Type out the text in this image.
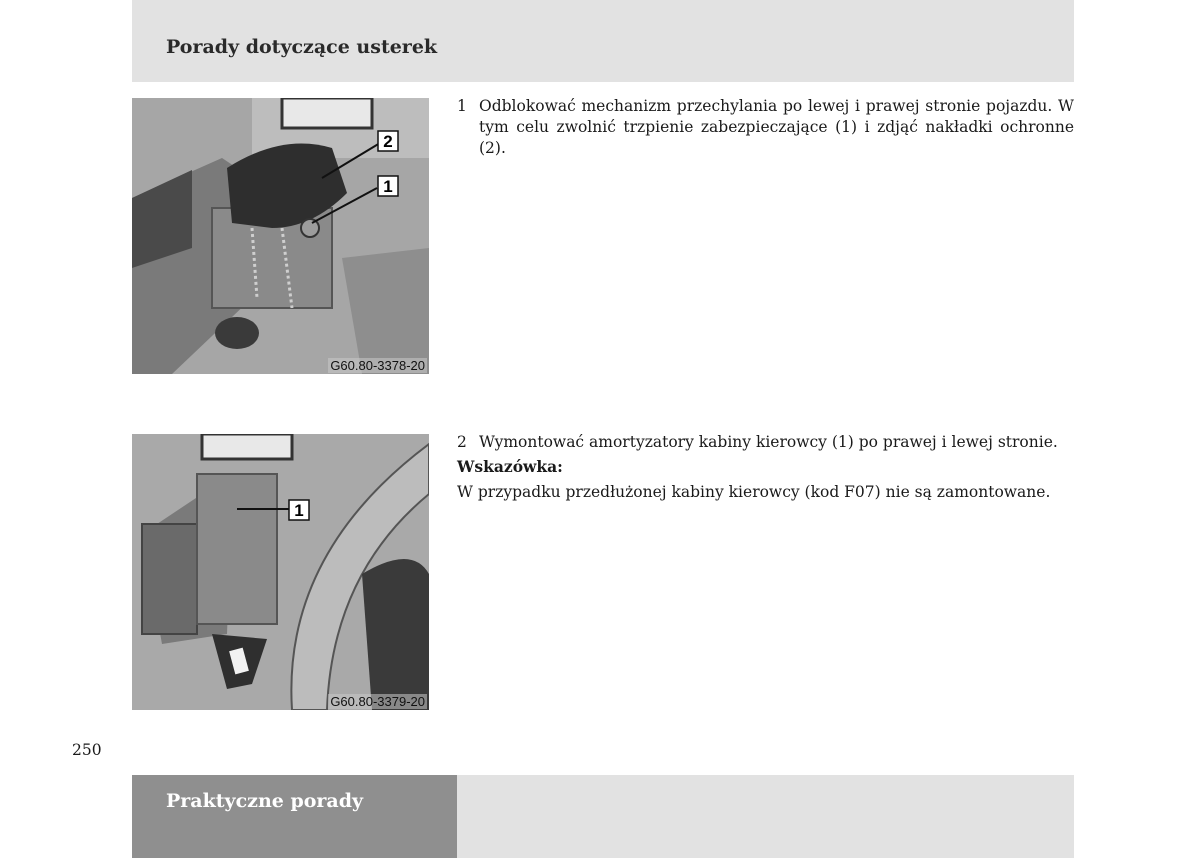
Porady dotyczące usterek
2
1
G60.80-3378-20
1 Odblokować mechanizm przechylania po lewej i prawej stronie pojazdu. W tym celu zwolnić trzpienie zabezpieczające (1) i zdjąć nakładki ochronne (2).
1
G60.80-3379-20
2 Wymontować amortyzatory kabiny kierowcy (1) po prawej i lewej stronie.
Wskazówka:
W przypadku przedłużonej kabiny kierowcy (kod F07) nie są zamontowane.
250
Praktyczne porady
